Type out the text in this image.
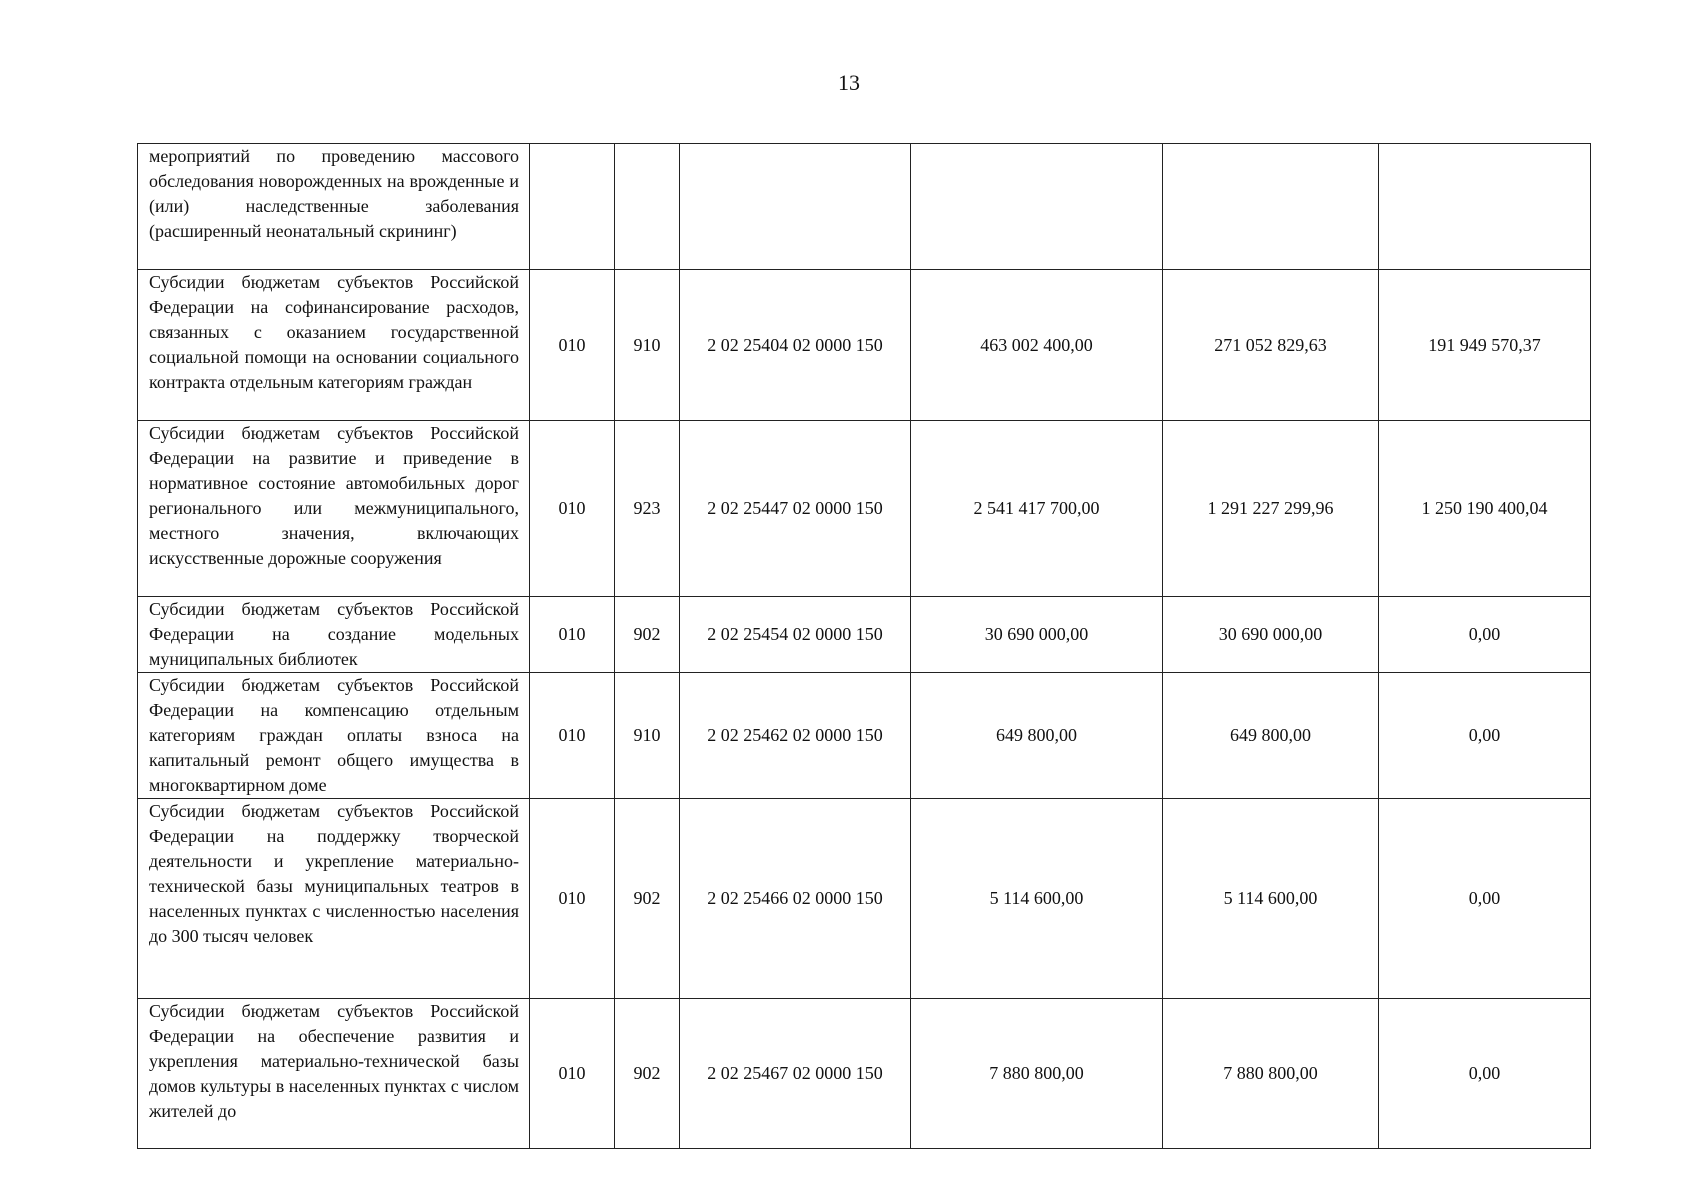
13
мероприятий по проведению массового обследования новорожденных на врожденные и (или) наследственные заболевания (расширенный неонатальный скрининг)						

Субсидии бюджетам субъектов Российской Федерации на софинансирование расходов, связанных с оказанием государственной социальной помощи на основании социального контракта отдельным категориям граждан	010	910	2 02 25404 02 0000 150	463 002 400,00	271 052 829,63	191 949 570,37

Субсидии бюджетам субъектов Российской Федерации на развитие и приведение в нормативное состояние автомобильных дорог регионального или межмуниципального, местного значения, включающих искусственные дорожные сооружения	010	923	2 02 25447 02 0000 150	2 541 417 700,00	1 291 227 299,96	1 250 190 400,04

Субсидии бюджетам субъектов Российской Федерации на создание модельных муниципальных библиотек	010	902	2 02 25454 02 0000 150	30 690 000,00	30 690 000,00	0,00

Субсидии бюджетам субъектов Российской Федерации на компенсацию отдельным категориям граждан оплаты взноса на капитальный ремонт общего имущества в многоквартирном доме	010	910	2 02 25462 02 0000 150	649 800,00	649 800,00	0,00

Субсидии бюджетам субъектов Российской Федерации на поддержку творческой деятельности и укрепление материально-технической базы муниципальных театров в населенных пунктах с численностью населения до 300 тысяч человек	010	902	2 02 25466 02 0000 150	5 114 600,00	5 114 600,00	0,00

Субсидии бюджетам субъектов Российской Федерации на обеспечение развития и укрепления материально-технической базы домов культуры в населенных пунктах с числом жителей до	010	902	2 02 25467 02 0000 150	7 880 800,00	7 880 800,00	0,00
